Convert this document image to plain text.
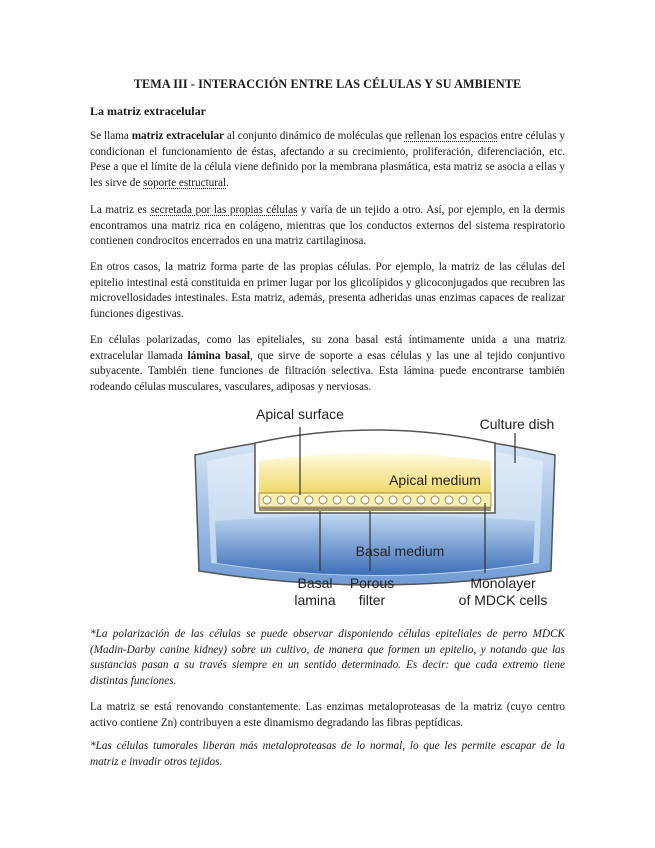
TEMA III - INTERACCIÓN ENTRE LAS CÉLULAS Y SU AMBIENTE
La matriz extracelular

Se llama matriz extracelular al conjunto dinámico de moléculas que rellenan los espacios entre células y condicionan el funcionamiento de éstas, afectando a su crecimiento, proliferación, diferenciación, etc. Pese a que el límite de la célula viene definido por la membrana plasmática, esta matriz se asocia a ellas y les sirve de soporte estructural.

La matriz es secretada por las propias células y varía de un tejido a otro. Así, por ejemplo, en la dermis encontramos una matriz rica en colágeno, mientras que los conductos externos del sistema respiratorio contienen condrocitos encerrados en una matriz cartilaginosa.

En otros casos, la matriz forma parte de las propias células. Por ejemplo, la matriz de las células del epitelio intestinal está constituida en primer lugar por los glicolípidos y glicoconjugados que recubren las microvellosidades intestinales. Esta matriz, además, presenta adheridas unas enzimas capaces de realizar funciones digestivas.

En células polarizadas, como las epiteliales, su zona basal está íntimamente unida a una matriz extracelular llamada lámina basal, que sirve de soporte a esas células y las une al tejido conjuntivo subyacente. También tiene funciones de filtración selectiva. Esta lámina puede encontrarse también rodeando células musculares, vasculares, adiposas y nerviosas.

*La polarización de las células se puede observar disponiendo células epiteliales de perro MDCK (Madin-Darby canine kidney) sobre un cultivo, de manera que formen un epitelio, y notando que las sustancias pasan a su través siempre en un sentido determinado. Es decir: que cada extremo tiene distintas funciones.

La matriz se está renovando constantemente. Las enzimas metaloproteasas de la matriz (cuyo centro activo contiene Zn) contribuyen a este dinamismo degradando las fibras peptídicas.

*Las células tumorales liberan más metaloproteasas de lo normal, lo que les permite escapar de la matriz e invadir otros tejidos.

Apical surface
Culture dish
Apical medium
Basal medium
Basal
lamina
Porous
filter
Monolayer
of MDCK cells
